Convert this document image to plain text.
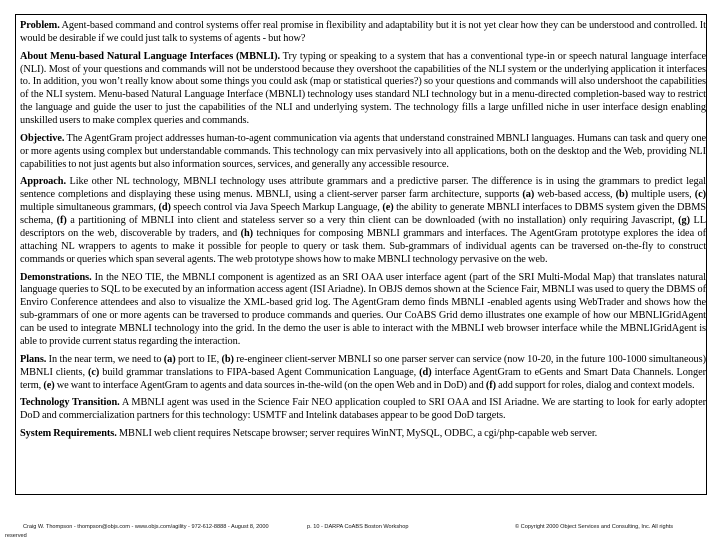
Problem. Agent-based command and control systems offer real promise in flexibility and adaptability but it is not yet clear how they can be understood and controlled. It would be desirable if we could just talk to systems of agents - but how?

About Menu-based Natural Language Interfaces (MBNLI). Try typing or speaking to a system that has a conventional type-in or speech natural language interface (NLI). Most of your questions and commands will not be understood because they overshoot the capabilities of the NLI system or the underlying application it interfaces to. In addition, you won’t really know about some things you could ask (map or statistical queries?) so your questions and commands will also undershoot the capabilities of the NLI system. Menu-based Natural Language Interface (MBNLI) technology uses standard NLI technology but in a menu-directed completion-based way to restrict the language and guide the user to just the capabilities of the NLI and underlying system. The technology fills a large unfilled niche in user interface design enabling unskilled users to make complex queries and commands.

Objective. The AgentGram project addresses human-to-agent communication via agents that understand constrained MBNLI languages. Humans can task and query one or more agents using complex but understandable commands. This technology can mix pervasively into all applications, both on the desktop and the Web, providing NLI capabilities to not just agents but also information sources, services, and generally any accessible resource.

Approach. Like other NL technology, MBNLI technology uses attribute grammars and a predictive parser. The difference is in using the grammars to predict legal sentence completions and displaying these using menus. MBNLI, using a client-server parser farm architecture, supports (a) web-based access, (b) multiple users, (c) multiple simultaneous grammars, (d) speech control via Java Speech Markup Language, (e) the ability to generate MBNLI interfaces to DBMS system given the DBMS schema, (f) a partitioning of MBNLI into client and stateless server so a very thin client can be downloaded (with no installation) only requiring Javascript, (g) LL descriptors on the web, discoverable by traders, and (h) techniques for composing MBNLI grammars and interfaces. The AgentGram prototype explores the idea of attaching NL wrappers to agents to make it possible for people to query or task them. Sub-grammars of individual agents can be traversed on-the-fly to construct commands or queries which span several agents. The web prototype shows how to make MBNLI technology pervasive on the web.

Demonstrations. In the NEO TIE, the MBNLI component is agentized as an SRI OAA user interface agent (part of the SRI Multi-Modal Map) that translates natural language queries to SQL to be executed by an information access agent (ISI Ariadne). In OBJS demos shown at the Science Fair, MBNLI was used to query the DBMS of Enviro Conference attendees and also to visualize the XML-based grid log. The AgentGram demo finds MBNLI -enabled agents using WebTrader and shows how the sub-grammars of one or more agents can be traversed to produce commands and queries. Our CoABS Grid demo illustrates one example of how our MBNLIGridAgent can be used to integrate MBNLI technology into the grid. In the demo the user is able to interact with the MBNLI web browser interface while the MBNLIGridAgent is able to provide current status regarding the interaction.

Plans. In the near term, we need to (a) port to IE, (b) re-engineer client-server MBNLI so one parser server can service (now 10-20, in the future 100-1000 simultaneous) MBNLI clients, (c) build grammar translations to FIPA-based Agent Communication Language, (d) interface AgentGram to eGents and Smart Data Channels. Longer term, (e) we want to interface AgentGram to agents and data sources in-the-wild (on the open Web and in DoD) and (f) add support for roles, dialog and context models.

Technology Transition. A MBNLI agent was used in the Science Fair NEO application coupled to SRI OAA and ISI Ariadne. We are starting to look for early adopter DoD and commercialization partners for this technology: USMTF and Intelink databases appear to be good DoD targets.

System Requirements. MBNLI web client requires Netscape browser; server requires WinNT, MySQL, ODBC, a cgi/php-capable web server.

Craig W. Thompson - thompson@objs.com - www.objs.com/agility - 972-612-8888 - August 8, 2000	p. 10 - DARPA CoABS Boston Workshop	© Copyright 2000 Object Services and Consulting, Inc. All rights
reserved
